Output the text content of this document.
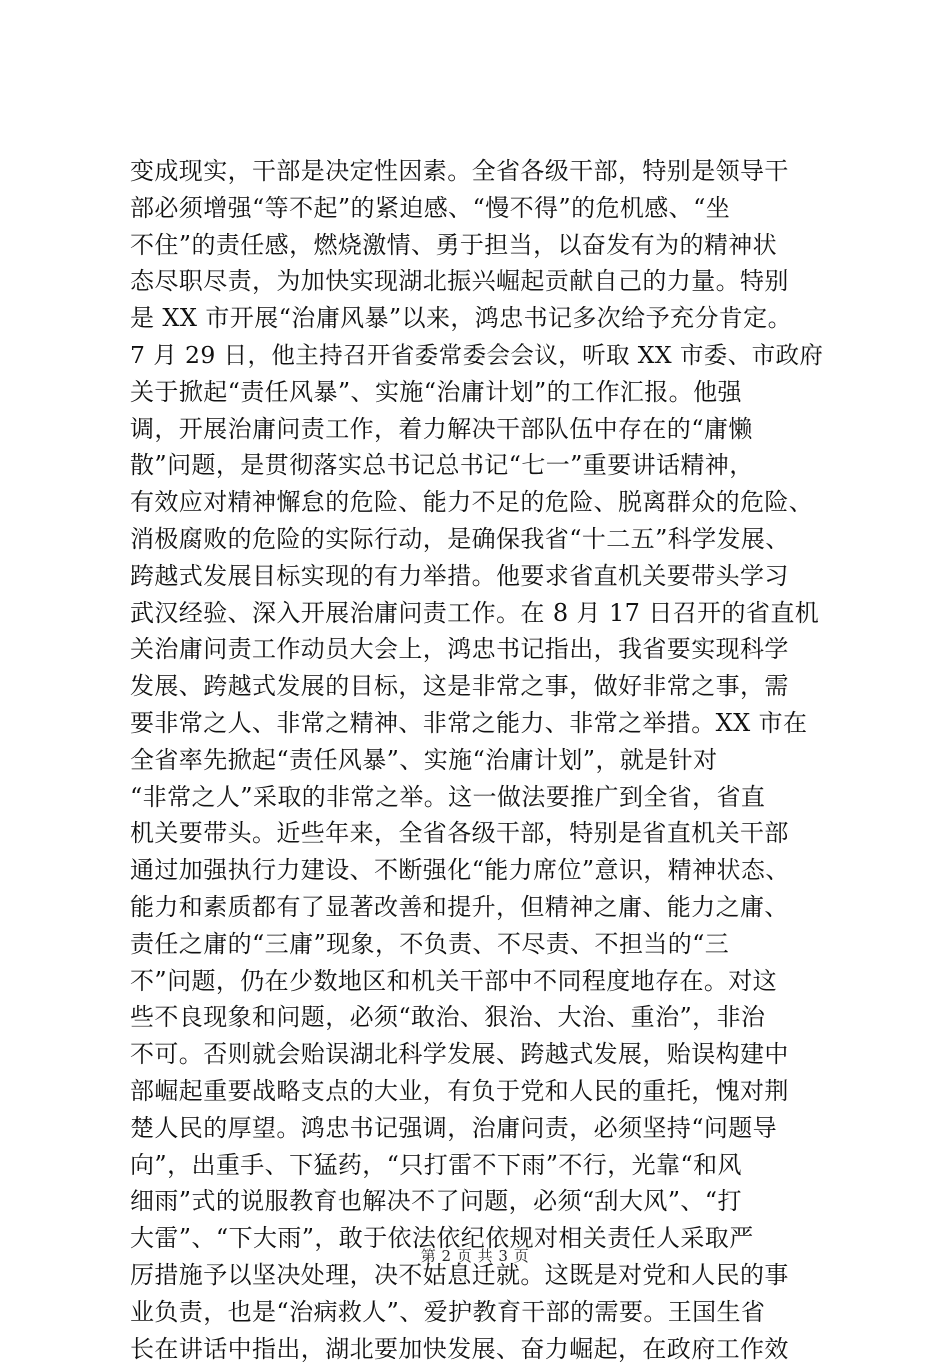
变成现实，干部是决定性因素。全省各级干部，特别是领导干
部必须增强“等不起”的紧迫感、“慢不得”的危机感、“坐
不住”的责任感，燃烧激情、勇于担当，以奋发有为的精神状
态尽职尽责，为加快实现湖北振兴崛起贡献自己的力量。特别
是 XX 市开展“治庸风暴”以来，鸿忠书记多次给予充分肯定。
7 月 29 日，他主持召开省委常委会会议，听取 XX 市委、市政府
关于掀起“责任风暴”、实施“治庸计划”的工作汇报。他强
调，开展治庸问责工作，着力解决干部队伍中存在的“庸懒
散”问题，是贯彻落实总书记总书记“七一”重要讲话精神，
有效应对精神懈怠的危险、能力不足的危险、脱离群众的危险、
消极腐败的危险的实际行动，是确保我省“十二五”科学发展、
跨越式发展目标实现的有力举措。他要求省直机关要带头学习
武汉经验、深入开展治庸问责工作。在 8 月 17 日召开的省直机
关治庸问责工作动员大会上，鸿忠书记指出，我省要实现科学
发展、跨越式发展的目标，这是非常之事，做好非常之事，需
要非常之人、非常之精神、非常之能力、非常之举措。XX 市在
全省率先掀起“责任风暴”、实施“治庸计划”，就是针对
“非常之人”采取的非常之举。这一做法要推广到全省，省直
机关要带头。近些年来，全省各级干部，特别是省直机关干部
通过加强执行力建设、不断强化“能力席位”意识，精神状态、
能力和素质都有了显著改善和提升，但精神之庸、能力之庸、
责任之庸的“三庸”现象，不负责、不尽责、不担当的“三
不”问题，仍在少数地区和机关干部中不同程度地存在。对这
些不良现象和问题，必须“敢治、狠治、大治、重治”，非治
不可。否则就会贻误湖北科学发展、跨越式发展，贻误构建中
部崛起重要战略支点的大业，有负于党和人民的重托，愧对荆
楚人民的厚望。鸿忠书记强调，治庸问责，必须坚持“问题导
向”，出重手、下猛药，“只打雷不下雨”不行，光靠“和风
细雨”式的说服教育也解决不了问题，必须“刮大风”、“打
大雷”、“下大雨”，敢于依法依纪依规对相关责任人采取严
厉措施予以坚决处理，决不姑息迁就。这既是对党和人民的事
业负责，也是“治病救人”、爱护教育干部的需要。王国生省
长在讲话中指出，湖北要加快发展、奋力崛起，在政府工作效
第 2 页 共 3 页
